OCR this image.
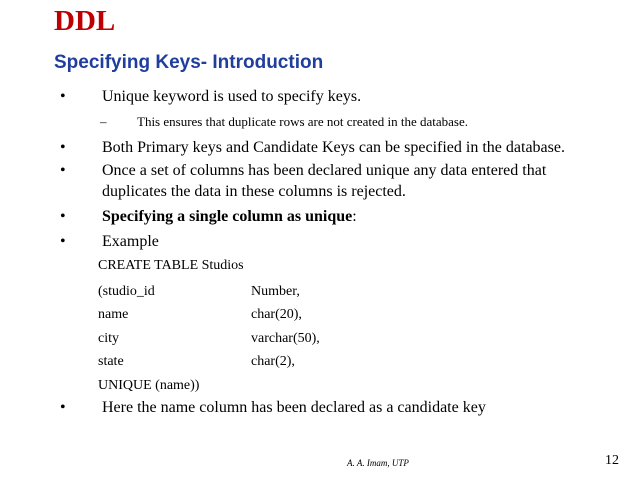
DDL
Specifying Keys- Introduction
• Unique keyword is used to specify keys.
– This ensures that duplicate rows are not created in the database.
• Both Primary keys and Candidate Keys can be specified in the database.
• Once a set of columns has been declared unique any data entered that
duplicates the data in these columns is rejected.
• Specifying a single column as unique:
• Example
CREATE TABLE Studios
(studio_id	Number,
name	char(20),
city	varchar(50),
state	char(2),
UNIQUE (name))
• Here the name column has been declared as a candidate key
A. A. Imam, UTP	12
